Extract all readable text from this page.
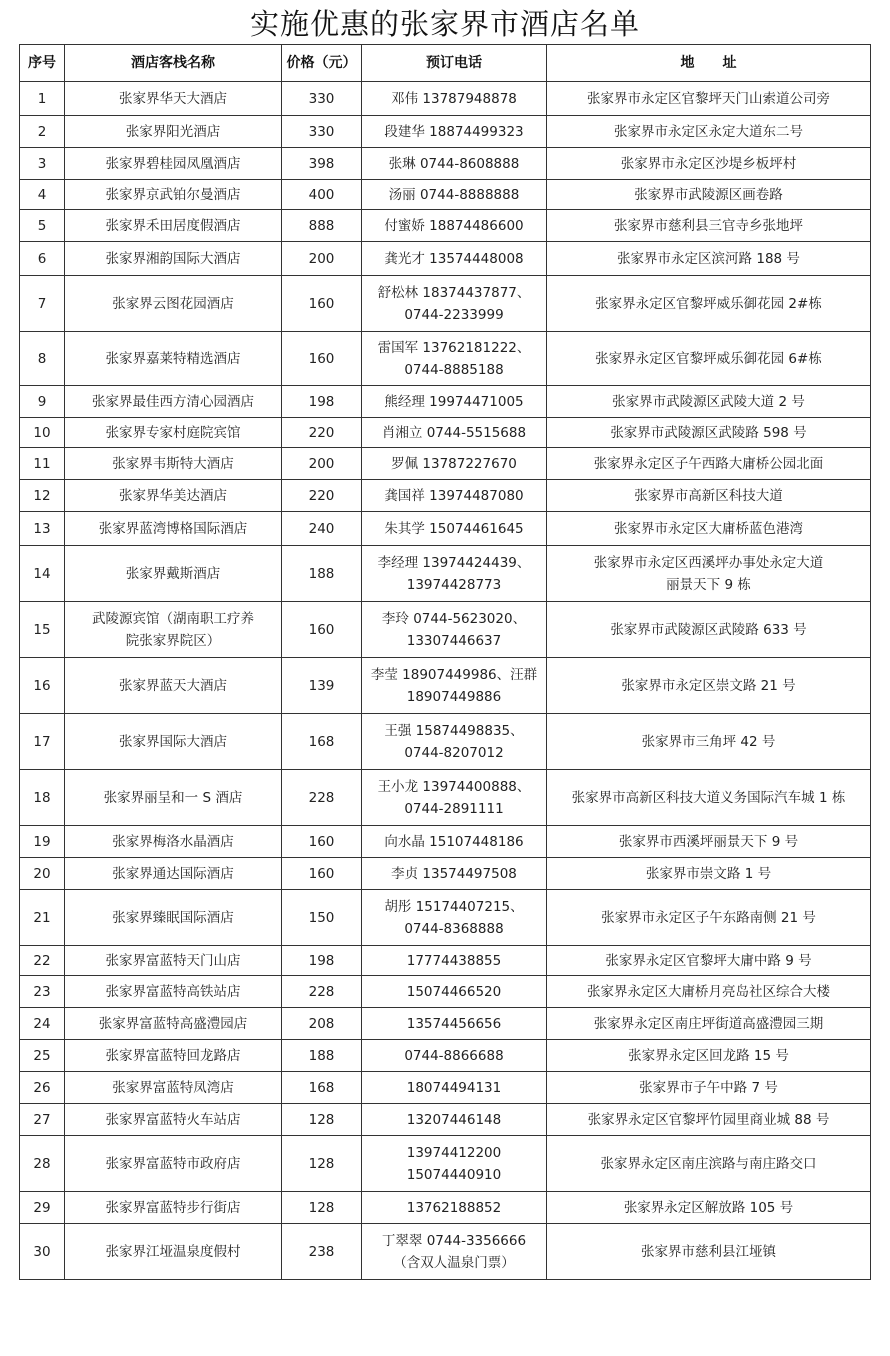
实施优惠的张家界市酒店名单
序号	酒店客栈名称	价格（元）	预订电话	地　　址
1	张家界华天大酒店	330	邓伟 13787948878	张家界市永定区官黎坪天门山索道公司旁

2	张家界阳光酒店	330	段建华 18874499323	张家界市永定区永定大道东二号

3	张家界碧桂园凤凰酒店	398	张琳 0744-8608888	张家界市永定区沙堤乡板坪村

4	张家界京武铂尔曼酒店	400	汤丽 0744-8888888	张家界市武陵源区画卷路

5	张家界禾田居度假酒店	888	付蜜娇 18874486600	张家界市慈利县三官寺乡张地坪

6	张家界湘韵国际大酒店	200	龚光才 13574448008	张家界市永定区滨河路 188 号

7	张家界云图花园酒店	160	舒松林 18374437877、
0744-2233999	张家界永定区官黎坪威乐御花园 2#栋

8	张家界嘉莱特精选酒店	160	雷国军 13762181222、
0744-8885188	张家界永定区官黎坪威乐御花园 6#栋

9	张家界最佳西方清心园酒店	198	熊经理 19974471005	张家界市武陵源区武陵大道 2 号

10	张家界专家村庭院宾馆	220	肖湘立 0744-5515688	张家界市武陵源区武陵路 598 号

11	张家界韦斯特大酒店	200	罗佩 13787227670	张家界永定区子午西路大庸桥公园北面

12	张家界华美达酒店	220	龚国祥 13974487080	张家界市高新区科技大道

13	张家界蓝湾博格国际酒店	240	朱其学 15074461645	张家界市永定区大庸桥蓝色港湾

14	张家界戴斯酒店	188	李经理 13974424439、
13974428773	张家界市永定区西溪坪办事处永定大道
丽景天下 9 栋

15	武陵源宾馆（湖南职工疗养
院张家界院区）	160	李玲 0744-5623020、
13307446637	张家界市武陵源区武陵路 633 号

16	张家界蓝天大酒店	139	李莹 18907449986、汪群
18907449886	张家界市永定区崇文路 21 号

17	张家界国际大酒店	168	王强 15874498835、
0744-8207012	张家界市三角坪 42 号

18	张家界丽呈和一 S 酒店	228	王小龙 13974400888、
0744-2891111	张家界市高新区科技大道义务国际汽车城 1 栋

19	张家界梅洛水晶酒店	160	向水晶 15107448186	张家界市西溪坪丽景天下 9 号

20	张家界通达国际酒店	160	李贞 13574497508	张家界市崇文路 1 号

21	张家界臻眠国际酒店	150	胡彤 15174407215、
0744-8368888	张家界市永定区子午东路南侧 21 号

22	张家界富蓝特天门山店	198	17774438855	张家界永定区官黎坪大庸中路 9 号

23	张家界富蓝特高铁站店	228	15074466520	张家界永定区大庸桥月亮岛社区综合大楼

24	张家界富蓝特高盛澧园店	208	13574456656	张家界永定区南庄坪街道高盛澧园三期

25	张家界富蓝特回龙路店	188	0744-8866688	张家界永定区回龙路 15 号

26	张家界富蓝特凤湾店	168	18074494131	张家界市子午中路 7 号

27	张家界富蓝特火车站店	128	13207446148	张家界永定区官黎坪竹园里商业城 88 号

28	张家界富蓝特市政府店	128	13974412200
15074440910	张家界永定区南庄滨路与南庄路交口

29	张家界富蓝特步行街店	128	13762188852	张家界永定区解放路 105 号

30	张家界江垭温泉度假村	238	丁翠翠 0744-3356666
（含双人温泉门票）	张家界市慈利县江垭镇
